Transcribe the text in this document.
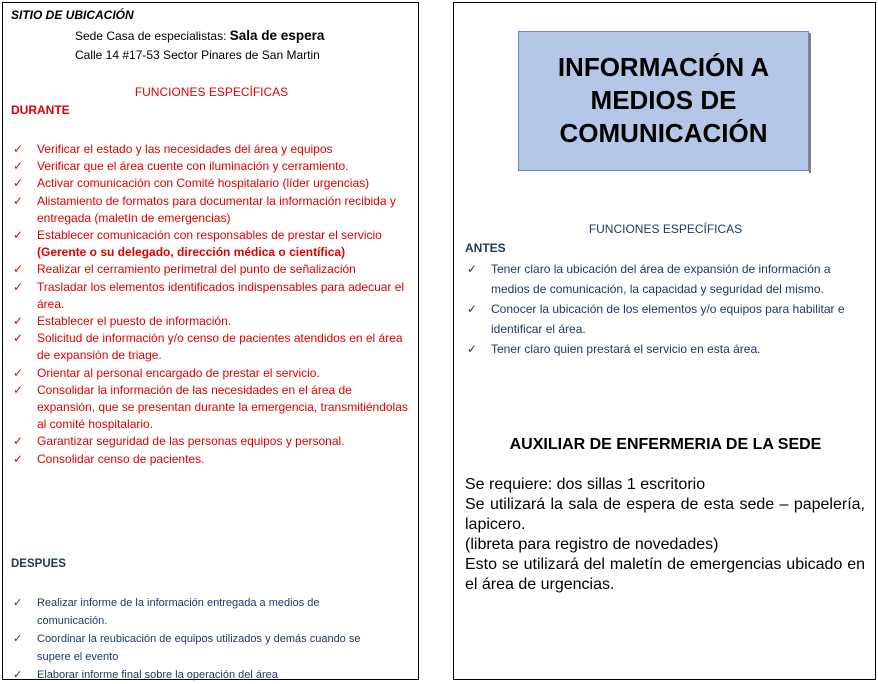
SITIO DE UBICACIÓN
Sede Casa de especialistas: Sala de espera
Calle 14 #17-53 Sector Pinares de San Martin
FUNCIONES ESPECÍFICAS
DURANTE
✓ Verificar el estado y las necesidades del área y equipos
✓ Verificar que el área cuente con iluminación y cerramiento.
✓ Activar comunicación con Comité hospitalario (líder urgencias)
✓ Alistamiento de formatos para documentar la información recibida y entregada (maletín de emergencias)
✓ Establecer comunicación con responsables de prestar el servicio (Gerente o su delegado, dirección médica o científica)
✓ Realizar el cerramiento perimetral del punto de señalización
✓ Trasladar los elementos identificados indispensables para adecuar el área.
✓ Establecer el puesto de información.
✓ Solicitud de información y/o censo de pacientes atendidos en el área de expansión de triage.
✓ Orientar al personal encargado de prestar el servicio.
✓ Consolidar la información de las necesidades en el área de expansión, que se presentan durante la emergencia, transmitiéndolas al comité hospitalario.
✓ Garantizar seguridad de las personas equipos y personal.
✓ Consolidar censo de pacientes.
DESPUES
✓ Realizar informe de la información entregada a medios de comunicación.
✓ Coordinar la reubicación de equipos utilizados y demás cuando se supere el evento
✓ Elaborar informe final sobre la operación del área
INFORMACIÓN A
MEDIOS DE
COMUNICACIÓN
FUNCIONES ESPECÍFICAS
ANTES
✓ Tener claro la ubicación del área de expansión de información a medios de comunicación, la capacidad y seguridad del mismo.
✓ Conocer la ubicación de los elementos y/o equipos para habilitar e identificar el área.
✓ Tener claro quien prestará el servicio en esta área.
AUXILIAR DE ENFERMERIA DE LA SEDE

Se requiere: dos sillas 1 escritorio

Se utilizará la sala de espera de esta sede – papelería, lapicero.

(libreta para registro de novedades)

Esto se utilizará del maletín de emergencias ubicado en el área de urgencias.
